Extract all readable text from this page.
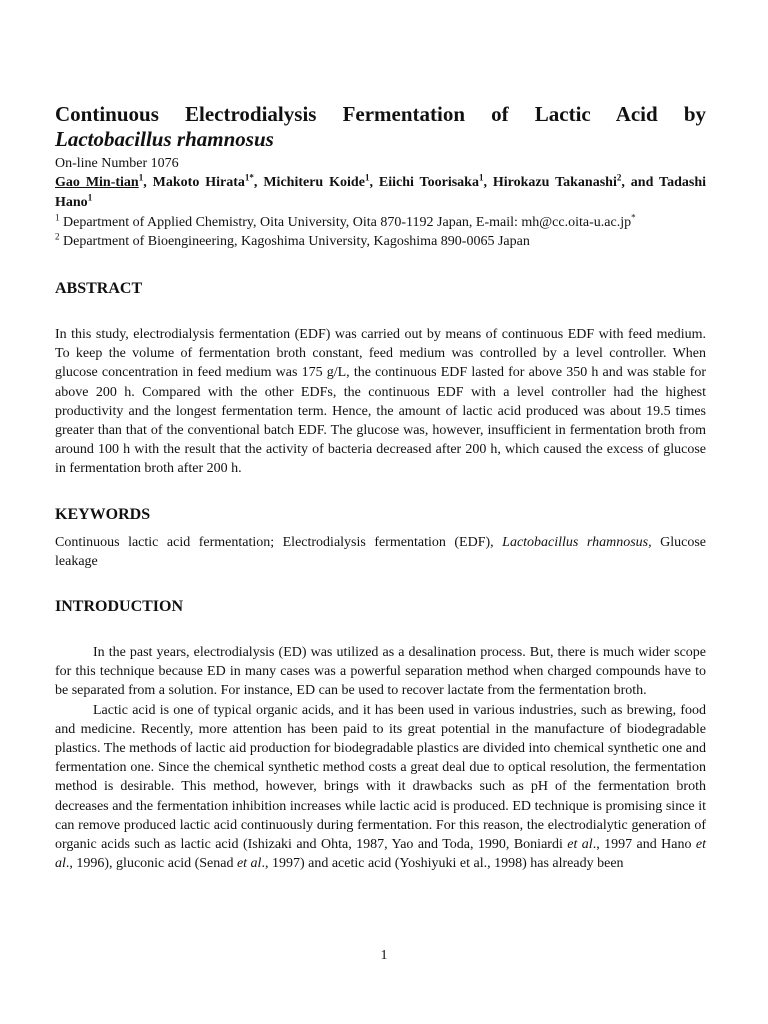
Continuous Electrodialysis Fermentation of Lactic Acid by

Lactobacillus rhamnosus

On-line Number 1076

Gao Min-tian$^1$, Makoto Hirata$^{1*}$, Michiteru Koide$^1$, Eiichi Toorisaka$^1$, Hirokazu Takanashi$^2$, and Tadashi Hano$^1$

$^1$ Department of Applied Chemistry, Oita University, Oita 870-1192 Japan, E-mail: mh@cc.oita-u.ac.jp*

$^2$ Department of Bioengineering, Kagoshima University, Kagoshima 890-0065 Japan

ABSTRACT

In this study, electrodialysis fermentation (EDF) was carried out by means of continuous EDF with feed medium. To keep the volume of fermentation broth constant, feed medium was controlled by a level controller. When glucose concentration in feed medium was 175 g/L, the continuous EDF lasted for above 350 h and was stable for above 200 h. Compared with the other EDFs, the continuous EDF with a level controller had the highest productivity and the longest fermentation term. Hence, the amount of lactic acid produced was about 19.5 times greater than that of the conventional batch EDF. The glucose was, however, insufficient in fermentation broth from around 100 h with the result that the activity of bacteria decreased after 200 h, which caused the excess of glucose in fermentation broth after 200 h.

KEYWORDS

Continuous lactic acid fermentation; Electrodialysis fermentation (EDF), Lactobacillus rhamnosus, Glucose leakage

INTRODUCTION

In the past years, electrodialysis (ED) was utilized as a desalination process. But, there is much wider scope for this technique because ED in many cases was a powerful separation method when charged compounds have to be separated from a solution. For instance, ED can be used to recover lactate from the fermentation broth.

Lactic acid is one of typical organic acids, and it has been used in various industries, such as brewing, food and medicine. Recently, more attention has been paid to its great potential in the manufacture of biodegradable plastics. The methods of lactic aid production for biodegradable plastics are divided into chemical synthetic one and fermentation one. Since the chemical synthetic method costs a great deal due to optical resolution, the fermentation method is desirable. This method, however, brings with it drawbacks such as pH of the fermentation broth decreases and the fermentation inhibition increases while lactic acid is produced. ED technique is promising since it can remove produced lactic acid continuously during fermentation. For this reason, the electrodialytic generation of organic acids such as lactic acid (Ishizaki and Ohta, 1987, Yao and Toda, 1990, Boniardi et al., 1997 and Hano et al., 1996), gluconic acid (Senad et al., 1997) and acetic acid (Yoshiyuki et al., 1998) has already been

1
